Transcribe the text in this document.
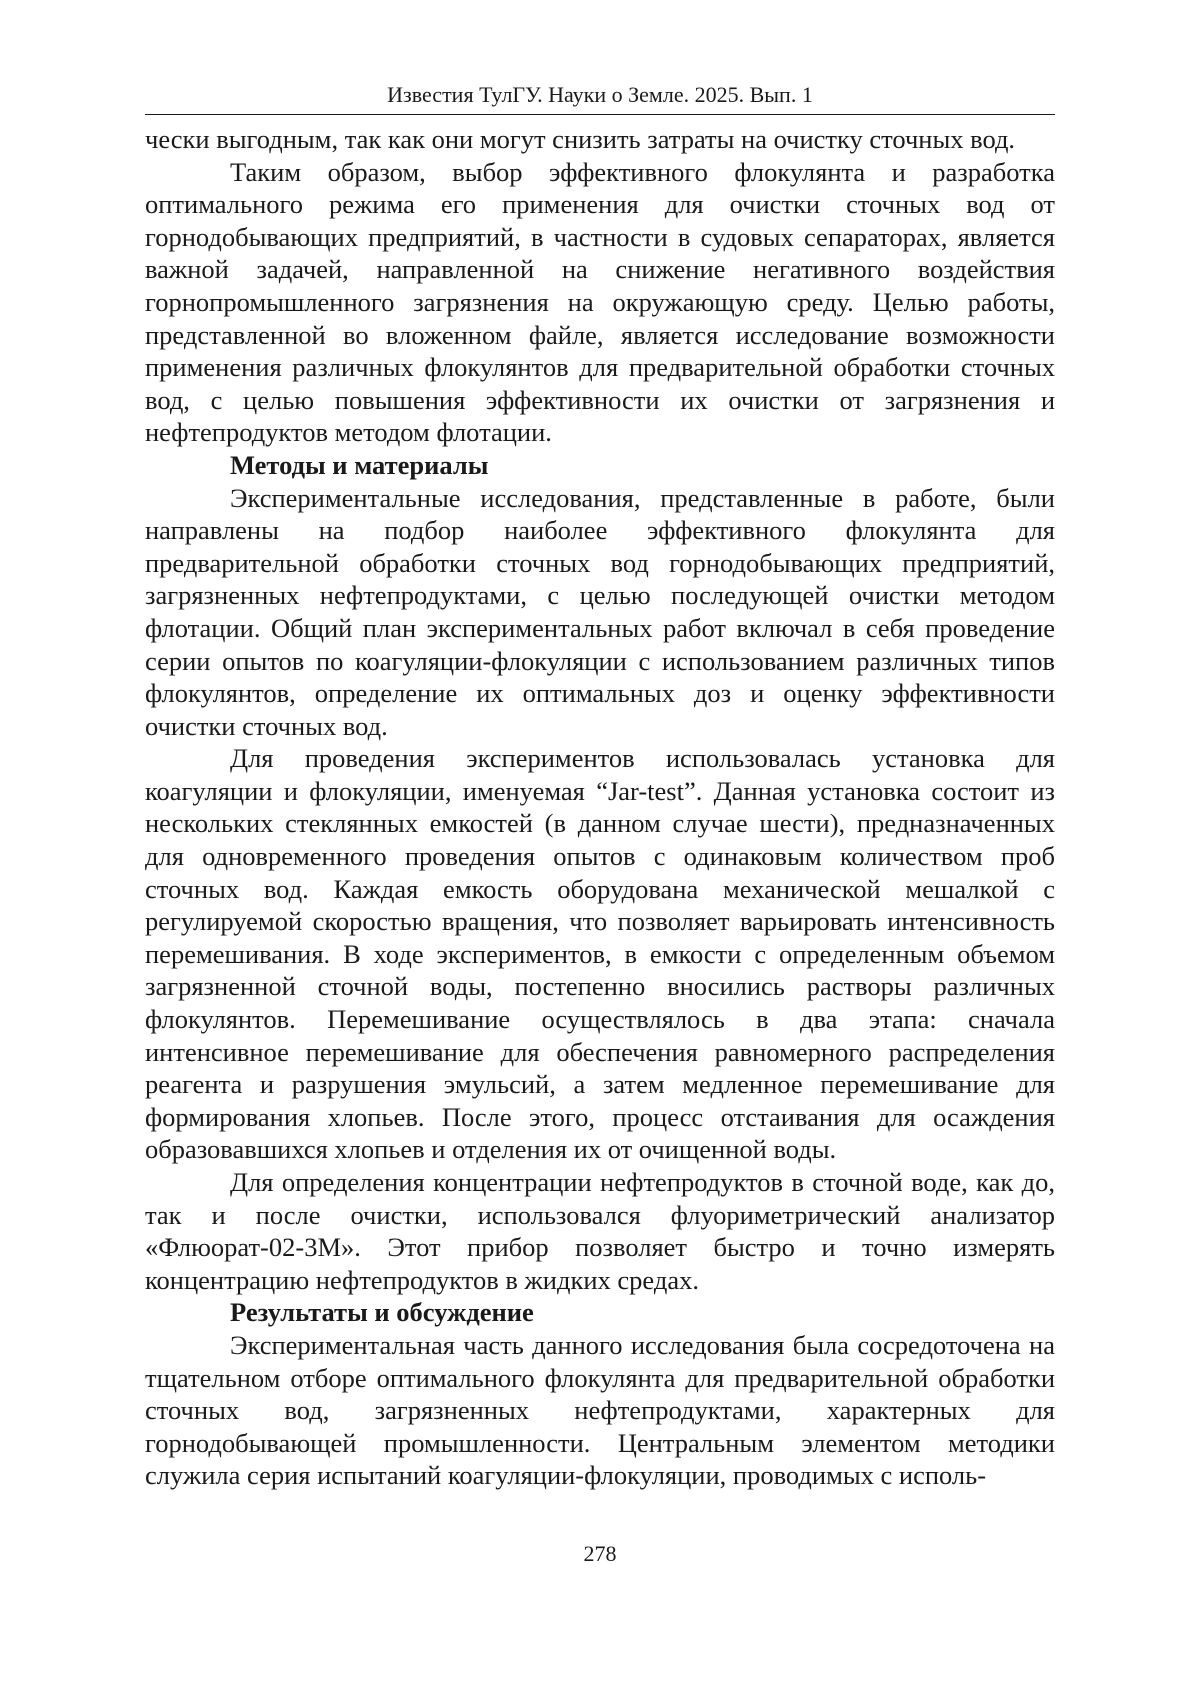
Известия ТулГУ. Науки о Земле. 2025. Вып. 1

чески выгодным, так как они могут снизить затраты на очистку сточных вод.

Таким образом, выбор эффективного флокулянта и разработка оптимального режима его применения для очистки сточных вод от горнодобывающих предприятий, в частности в судовых сепараторах, является важной задачей, направленной на снижение негативного воздействия горнопромышленного загрязнения на окружающую среду. Целью работы, представленной во вложенном файле, является исследование возможности применения различных флокулянтов для предварительной обработки сточных вод, с целью повышения эффективности их очистки от загрязнения и нефтепродуктов методом флотации.

Методы и материалы

Экспериментальные исследования, представленные в работе, были направлены на подбор наиболее эффективного флокулянта для предварительной обработки сточных вод горнодобывающих предприятий, загрязненных нефтепродуктами, с целью последующей очистки методом флотации. Общий план экспериментальных работ включал в себя проведение серии опытов по коагуляции-флокуляции с использованием различных типов флокулянтов, определение их оптимальных доз и оценку эффективности очистки сточных вод.

Для проведения экспериментов использовалась установка для коагуляции и флокуляции, именуемая “Jar-test”. Данная установка состоит из нескольких стеклянных емкостей (в данном случае шести), предназначенных для одновременного проведения опытов с одинаковым количеством проб сточных вод. Каждая емкость оборудована механической мешалкой с регулируемой скоростью вращения, что позволяет варьировать интенсивность перемешивания. В ходе экспериментов, в емкости с определенным объемом загрязненной сточной воды, постепенно вносились растворы различных флокулянтов. Перемешивание осуществлялось в два этапа: сначала интенсивное перемешивание для обеспечения равномерного распределения реагента и разрушения эмульсий, а затем медленное перемешивание для формирования хлопьев. После этого, процесс отстаивания для осаждения образовавшихся хлопьев и отделения их от очищенной воды.

Для определения концентрации нефтепродуктов в сточной воде, как до, так и после очистки, использовался флуориметрический анализатор «Флюорат-02-3М». Этот прибор позволяет быстро и точно измерять концентрацию нефтепродуктов в жидких средах.

Результаты и обсуждение

Экспериментальная часть данного исследования была сосредоточена на тщательном отборе оптимального флокулянта для предварительной обработки сточных вод, загрязненных нефтепродуктами, характерных для горнодобывающей промышленности. Центральным элементом методики служила серия испытаний коагуляции-флокуляции, проводимых с исполь-

278
